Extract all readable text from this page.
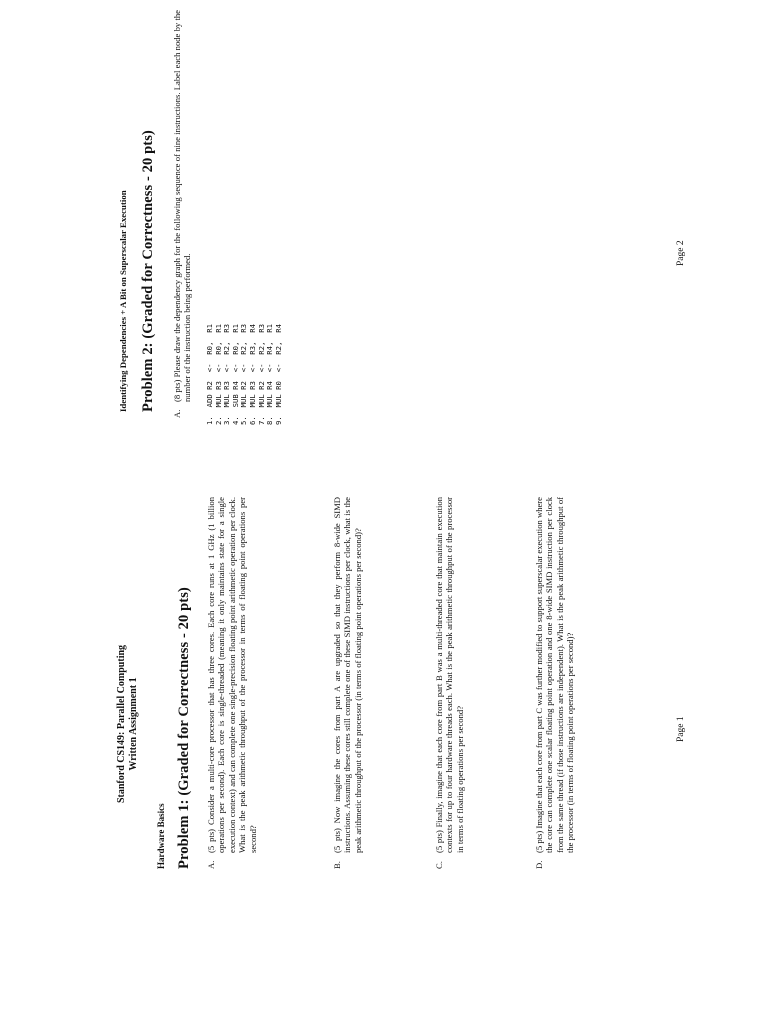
Stanford CS149: Parallel Computing Written Assignment 1
Hardware Basics Problem 1: (Graded for Correctness - 20 pts) A.
(5 pts) Consider a multi-core processor that has three cores. Each core runs at 1 GHz (1 billion operations per second). Each core is single-threaded (meaning it only maintains state for a single execution context) and can complete one single-precision floating point arithmetic operation per clock. What is the peak arithmetic throughput of the processor in terms of floating point operations per second?
B.
(5 pts) Now imagine the cores from part A are upgraded so that they perform 8-wide SIMD instructions. Assuming these cores still complete one of these SIMD instructions per clock, what is the peak arithmetic throughput of the processor (in terms of floating point operations per second)?
C.
(5 pts) Finally, imagine that each core from part B was a multi-threaded core that maintain execution contexts for up to four hardware threads each. What is the peak arithmetic throughput of the processor in terms of floating operations per second?
D.
(5 pts) Imagine that each core from part C was further modified to support superscalar execution where the core can complete one scalar floating point operation and one 8-wide SIMD instruction per clock from the same thread (if those instructions are independent). What is the peak arithmetic throughput of the processor (in terms of floating point operations per second)?	Page 1
Identifying Dependencies + A Bit on Superscalar Execution Problem 2: (Graded for Correctness - 20 pts)
A.
(8 pts) Please draw the dependency graph for the following sequence of nine instructions. Label each node by the number of the instruction being performed. 1.  ADD R2  <-  R0,  R1 2.  MUL R3  <-  R0,  R1 3.  MUL R3  <-  R2,  R3 4.  SUB R4  <-  R0,  R1 5.  MUL R2  <-  R2,  R3 6.  MUL R3  <-  R3,  R4 7.  MUL R2  <-  R2,  R3 8.  MUL R4  <-  R4,  R1 9.  MUL R0  <-  R2,  R4
Page 2
